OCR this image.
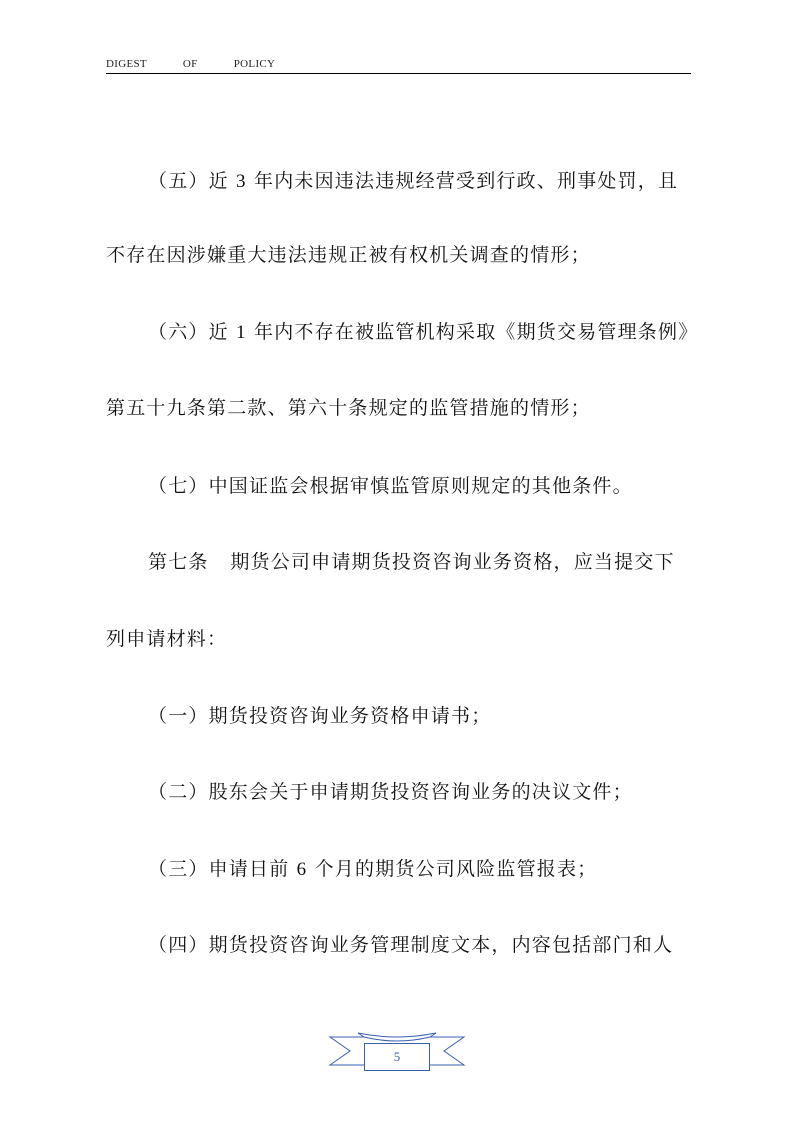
DIGEST    OF    POLICY
（五）近 3 年内未因违法违规经营受到行政、刑事处罚，且
不存在因涉嫌重大违法违规正被有权机关调查的情形；
（六）近 1 年内不存在被监管机构采取《期货交易管理条例》
第五十九条第二款、第六十条规定的监管措施的情形；
（七）中国证监会根据审慎监管原则规定的其他条件。
第七条   期货公司申请期货投资咨询业务资格，应当提交下
列申请材料：
（一）期货投资咨询业务资格申请书；
（二）股东会关于申请期货投资咨询业务的决议文件；
（三）申请日前 6 个月的期货公司风险监管报表；
（四）期货投资咨询业务管理制度文本，内容包括部门和人
5
